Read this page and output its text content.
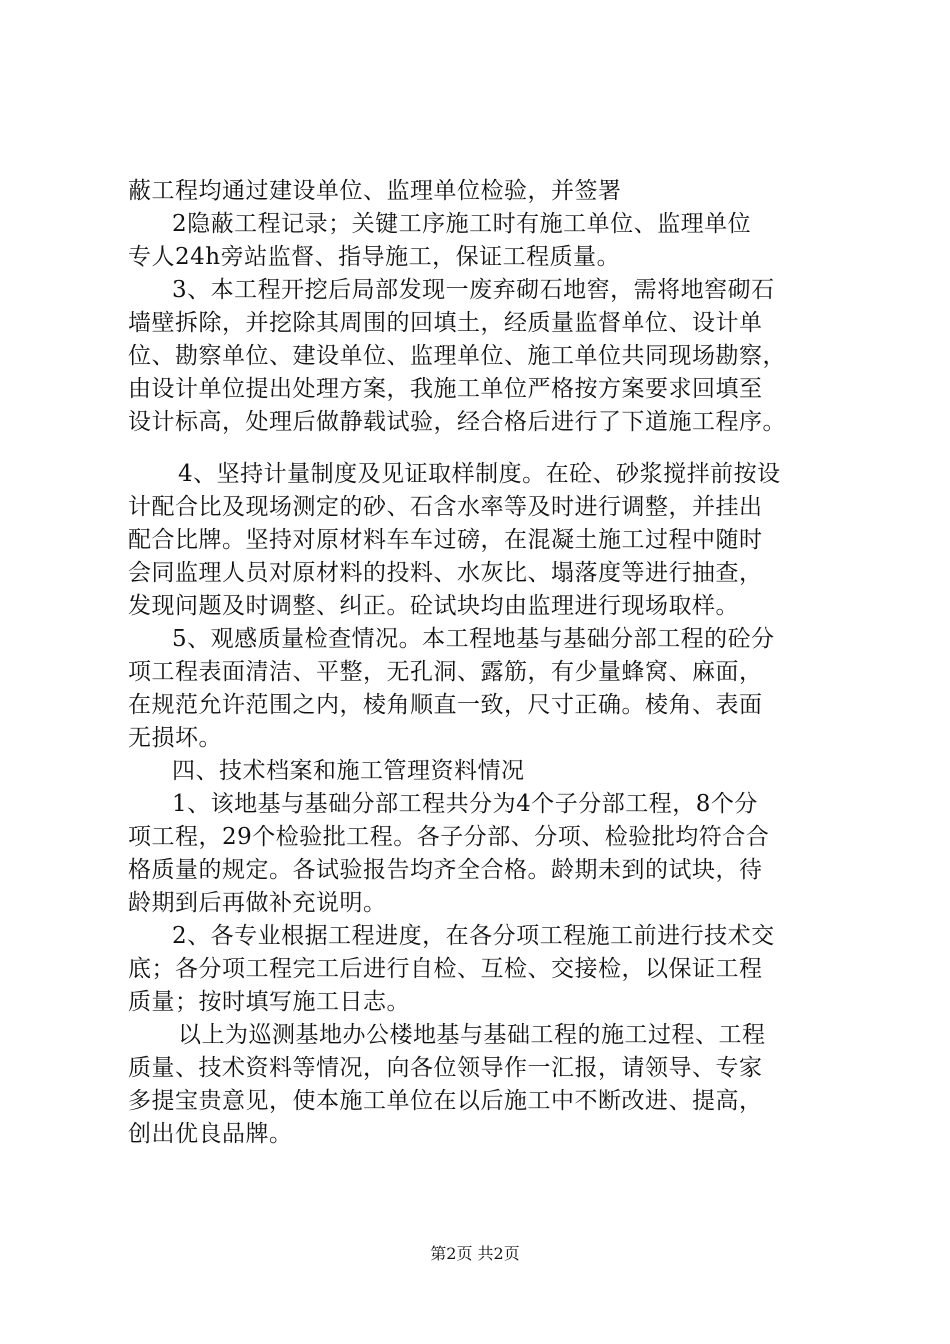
蔽工程均通过建设单位、监理单位检验，并签署
2隐蔽工程记录；关键工序施工时有施工单位、监理单位
专人24h旁站监督、指导施工，保证工程质量。
3、本工程开挖后局部发现一废弃砌石地窖，需将地窖砌石
墙壁拆除，并挖除其周围的回填土，经质量监督单位、设计单
位、勘察单位、建设单位、监理单位、施工单位共同现场勘察，
由设计单位提出处理方案，我施工单位严格按方案要求回填至
设计标高，处理后做静载试验，经合格后进行了下道施工程序。
4、坚持计量制度及见证取样制度。在砼、砂浆搅拌前按设
计配合比及现场测定的砂、石含水率等及时进行调整，并挂出
配合比牌。坚持对原材料车车过磅，在混凝土施工过程中随时
会同监理人员对原材料的投料、水灰比、塌落度等进行抽查，
发现问题及时调整、纠正。砼试块均由监理进行现场取样。
5、观感质量检查情况。本工程地基与基础分部工程的砼分
项工程表面清洁、平整，无孔洞、露筋，有少量蜂窝、麻面，
在规范允许范围之内，棱角顺直一致，尺寸正确。棱角、表面
无损坏。
四、技术档案和施工管理资料情况
1、该地基与基础分部工程共分为4个子分部工程，8个分
项工程，29个检验批工程。各子分部、分项、检验批均符合合
格质量的规定。各试验报告均齐全合格。龄期未到的试块，待
龄期到后再做补充说明。
2、各专业根据工程进度，在各分项工程施工前进行技术交
底；各分项工程完工后进行自检、互检、交接检，以保证工程
质量；按时填写施工日志。
以上为巡测基地办公楼地基与基础工程的施工过程、工程
质量、技术资料等情况，向各位领导作一汇报，请领导、专家
多提宝贵意见，使本施工单位在以后施工中不断改进、提高，
创出优良品牌。
第2页 共2页
